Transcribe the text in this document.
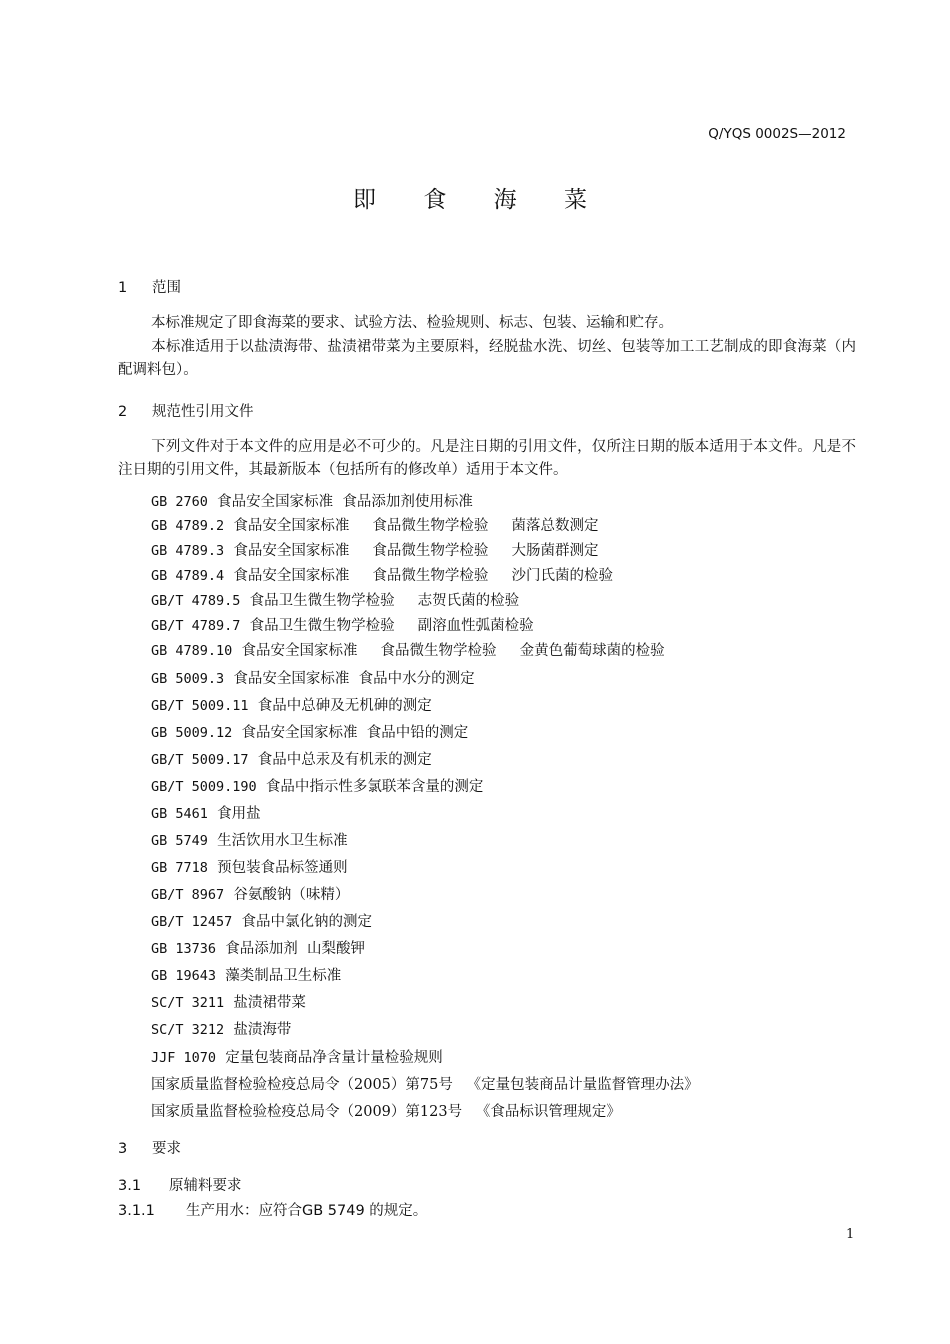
Q/YQS 0002S—2012
即 食 海 菜
1 范围
本标准规定了即食海菜的要求、试验方法、检验规则、标志、包装、运输和贮存。
本标准适用于以盐渍海带、盐渍裙带菜为主要原料，经脱盐水洗、切丝、包装等加工工艺制成的即食海菜（内配调料包）。
2 规范性引用文件
下列文件对于本文件的应用是必不可少的。凡是注日期的引用文件，仅所注日期的版本适用于本文件。凡是不注日期的引用文件，其最新版本（包括所有的修改单）适用于本文件。
GB 2760 食品安全国家标准  食品添加剂使用标准
GB 4789.2 食品安全国家标准     食品微生物学检验     菌落总数测定
GB 4789.3 食品安全国家标准     食品微生物学检验     大肠菌群测定
GB 4789.4 食品安全国家标准     食品微生物学检验     沙门氏菌的检验
GB/T 4789.5 食品卫生微生物学检验     志贺氏菌的检验
GB/T 4789.7 食品卫生微生物学检验     副溶血性弧菌检验
GB 4789.10 食品安全国家标准     食品微生物学检验     金黄色葡萄球菌的检验
GB 5009.3 食品安全国家标准  食品中水分的测定
GB/T 5009.11 食品中总砷及无机砷的测定
GB 5009.12 食品安全国家标准  食品中铅的测定
GB/T 5009.17 食品中总汞及有机汞的测定
GB/T 5009.190 食品中指示性多氯联苯含量的测定
GB 5461 食用盐
GB 5749 生活饮用水卫生标准
GB 7718 预包装食品标签通则
GB/T 8967 谷氨酸钠（味精）
GB/T 12457 食品中氯化钠的测定
GB 13736 食品添加剂  山梨酸钾
GB 19643 藻类制品卫生标准
SC/T 3211 盐渍裙带菜
SC/T 3212 盐渍海带
JJF 1070 定量包装商品净含量计量检验规则
国家质量监督检验检疫总局令（2005）第75号   《定量包装商品计量监督管理办法》
国家质量监督检验检疫总局令（2009）第123号   《食品标识管理规定》
3 要求
3.1 原辅料要求
3.1.1 生产用水：应符合GB 5749 的规定。
1
